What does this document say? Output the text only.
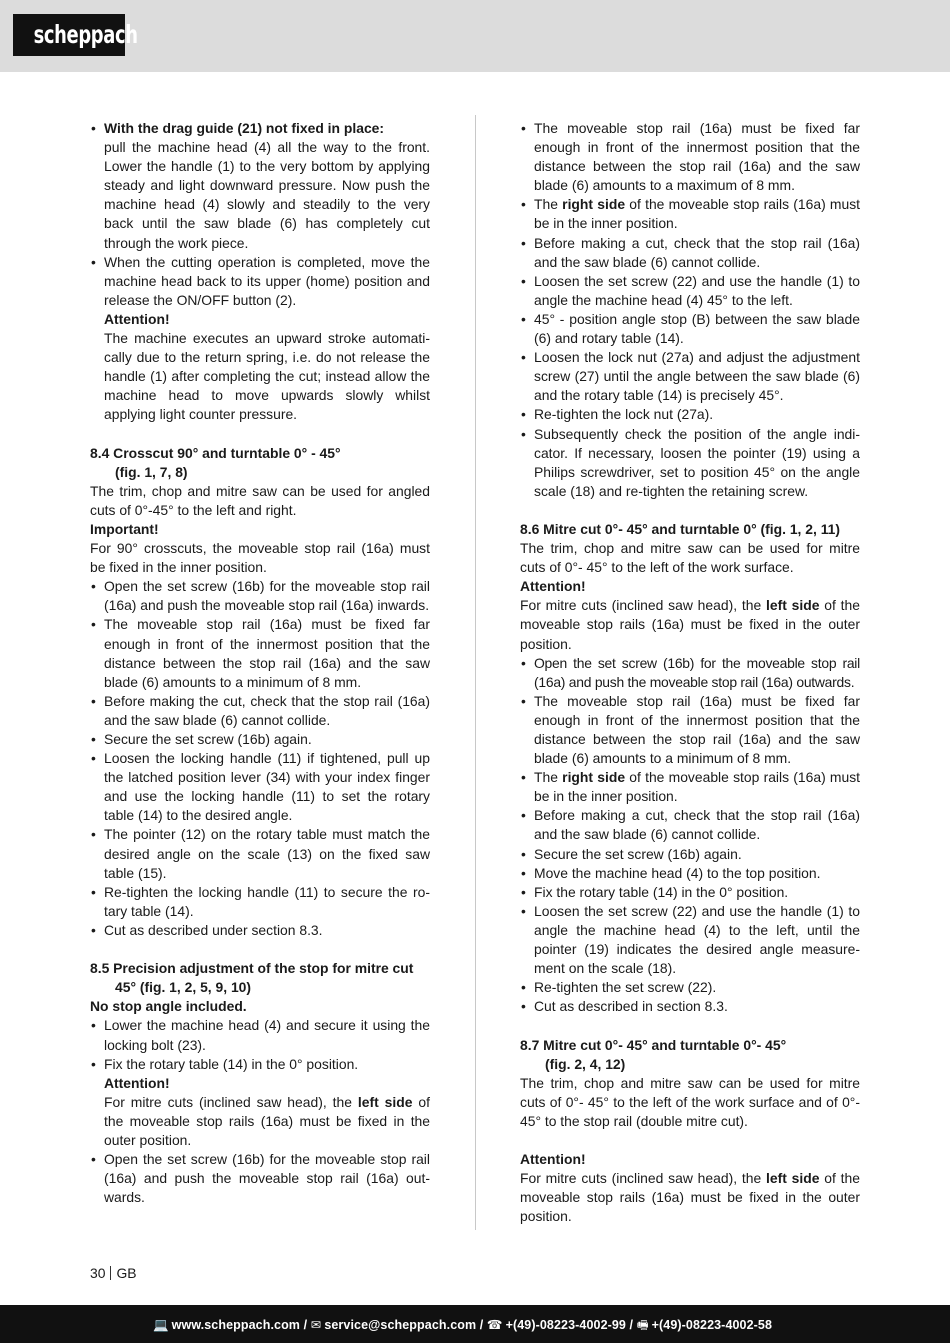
scheppach
• With the drag guide (21) not fixed in place:
pull the machine head (4) all the way to the front. Lower the handle (1) to the very bottom by applying steady and light downward pressure. Now push the machine head (4) slowly and steadily to the very back until the saw blade (6) has completely cut through the work piece.
• When the cutting operation is completed, move the machine head back to its upper (home) position and release the ON/OFF button (2).
Attention!
The machine executes an upward stroke automatically due to the return spring, i.e. do not release the handle (1) after completing the cut; instead allow the machine head to move upwards slowly whilst applying light counter pressure.

8.4 Crosscut 90° and turntable 0° - 45°
(fig. 1, 7, 8)

The trim, chop and mitre saw can be used for angled cuts of 0°-45° to the left and right.

Important!

For 90° crosscuts, the moveable stop rail (16a) must be fixed in the inner position.

• Open the set screw (16b) for the moveable stop rail (16a) and push the moveable stop rail (16a) inwards.
• The moveable stop rail (16a) must be fixed far enough in front of the innermost position that the distance between the stop rail (16a) and the saw blade (6) amounts to a minimum of 8 mm.
• Before making the cut, check that the stop rail (16a) and the saw blade (6) cannot collide.
• Secure the set screw (16b) again.
• Loosen the locking handle (11) if tightened, pull up the latched position lever (34) with your index finger and use the locking handle (11) to set the rotary table (14) to the desired angle.
• The pointer (12) on the rotary table must match the desired angle on the scale (13) on the fixed saw table (15).
• Re-tighten the locking handle (11) to secure the rotary table (14).
• Cut as described under section 8.3.

8.5 Precision adjustment of the stop for mitre cut
45° (fig. 1, 2, 5, 9, 10)

No stop angle included.

• Lower the machine head (4) and secure it using the locking bolt (23).
• Fix the rotary table (14) in the 0° position.
Attention!
For mitre cuts (inclined saw head), the left side of the moveable stop rails (16a) must be fixed in the outer position.
• Open the set screw (16b) for the moveable stop rail (16a) and push the moveable stop rail (16a) outwards.
• The moveable stop rail (16a) must be fixed far enough in front of the innermost position that the distance between the stop rail (16a) and the saw blade (6) amounts to a maximum of 8 mm.
• The right side of the moveable stop rails (16a) must be in the inner position.
• Before making a cut, check that the stop rail (16a) and the saw blade (6) cannot collide.
• Loosen the set screw (22) and use the handle (1) to angle the machine head (4) 45° to the left.
• 45° - position angle stop (B) between the saw blade (6) and rotary table (14).
• Loosen the lock nut (27a) and adjust the adjustment screw (27) until the angle between the saw blade (6) and the rotary table (14) is precisely 45°.
• Re-tighten the lock nut (27a).
• Subsequently check the position of the angle indicator. If necessary, loosen the pointer (19) using a Philips screwdriver, set to position 45° on the angle scale (18) and re-tighten the retaining screw.

8.6 Mitre cut 0°- 45° and turntable 0° (fig. 1, 2, 11)

The trim, chop and mitre saw can be used for mitre cuts of 0°- 45° to the left of the work surface.

Attention!

For mitre cuts (inclined saw head), the left side of the moveable stop rails (16a) must be fixed in the outer position.

• Open the set screw (16b) for the moveable stop rail (16a) and push the moveable stop rail (16a) outwards.
• The moveable stop rail (16a) must be fixed far enough in front of the innermost position that the distance between the stop rail (16a) and the saw blade (6) amounts to a minimum of 8 mm.
• The right side of the moveable stop rails (16a) must be in the inner position.
• Before making a cut, check that the stop rail (16a) and the saw blade (6) cannot collide.
• Secure the set screw (16b) again.
• Move the machine head (4) to the top position.
• Fix the rotary table (14) in the 0° position.
• Loosen the set screw (22) and use the handle (1) to angle the machine head (4) to the left, until the pointer (19) indicates the desired angle measurement on the scale (18).
• Re-tighten the set screw (22).
• Cut as described in section 8.3.

8.7 Mitre cut 0°- 45° and turntable 0°- 45°
(fig. 2, 4, 12)

The trim, chop and mitre saw can be used for mitre cuts of 0°- 45° to the left of the work surface and of 0°- 45° to the stop rail (double mitre cut).

Attention!

For mitre cuts (inclined saw head), the left side of the moveable stop rails (16a) must be fixed in the outer position.

30 GB
💻 www.scheppach.com / ✉ service@scheppach.com / ☎ +(49)-08223-4002-99 / 🖷 +(49)-08223-4002-58
